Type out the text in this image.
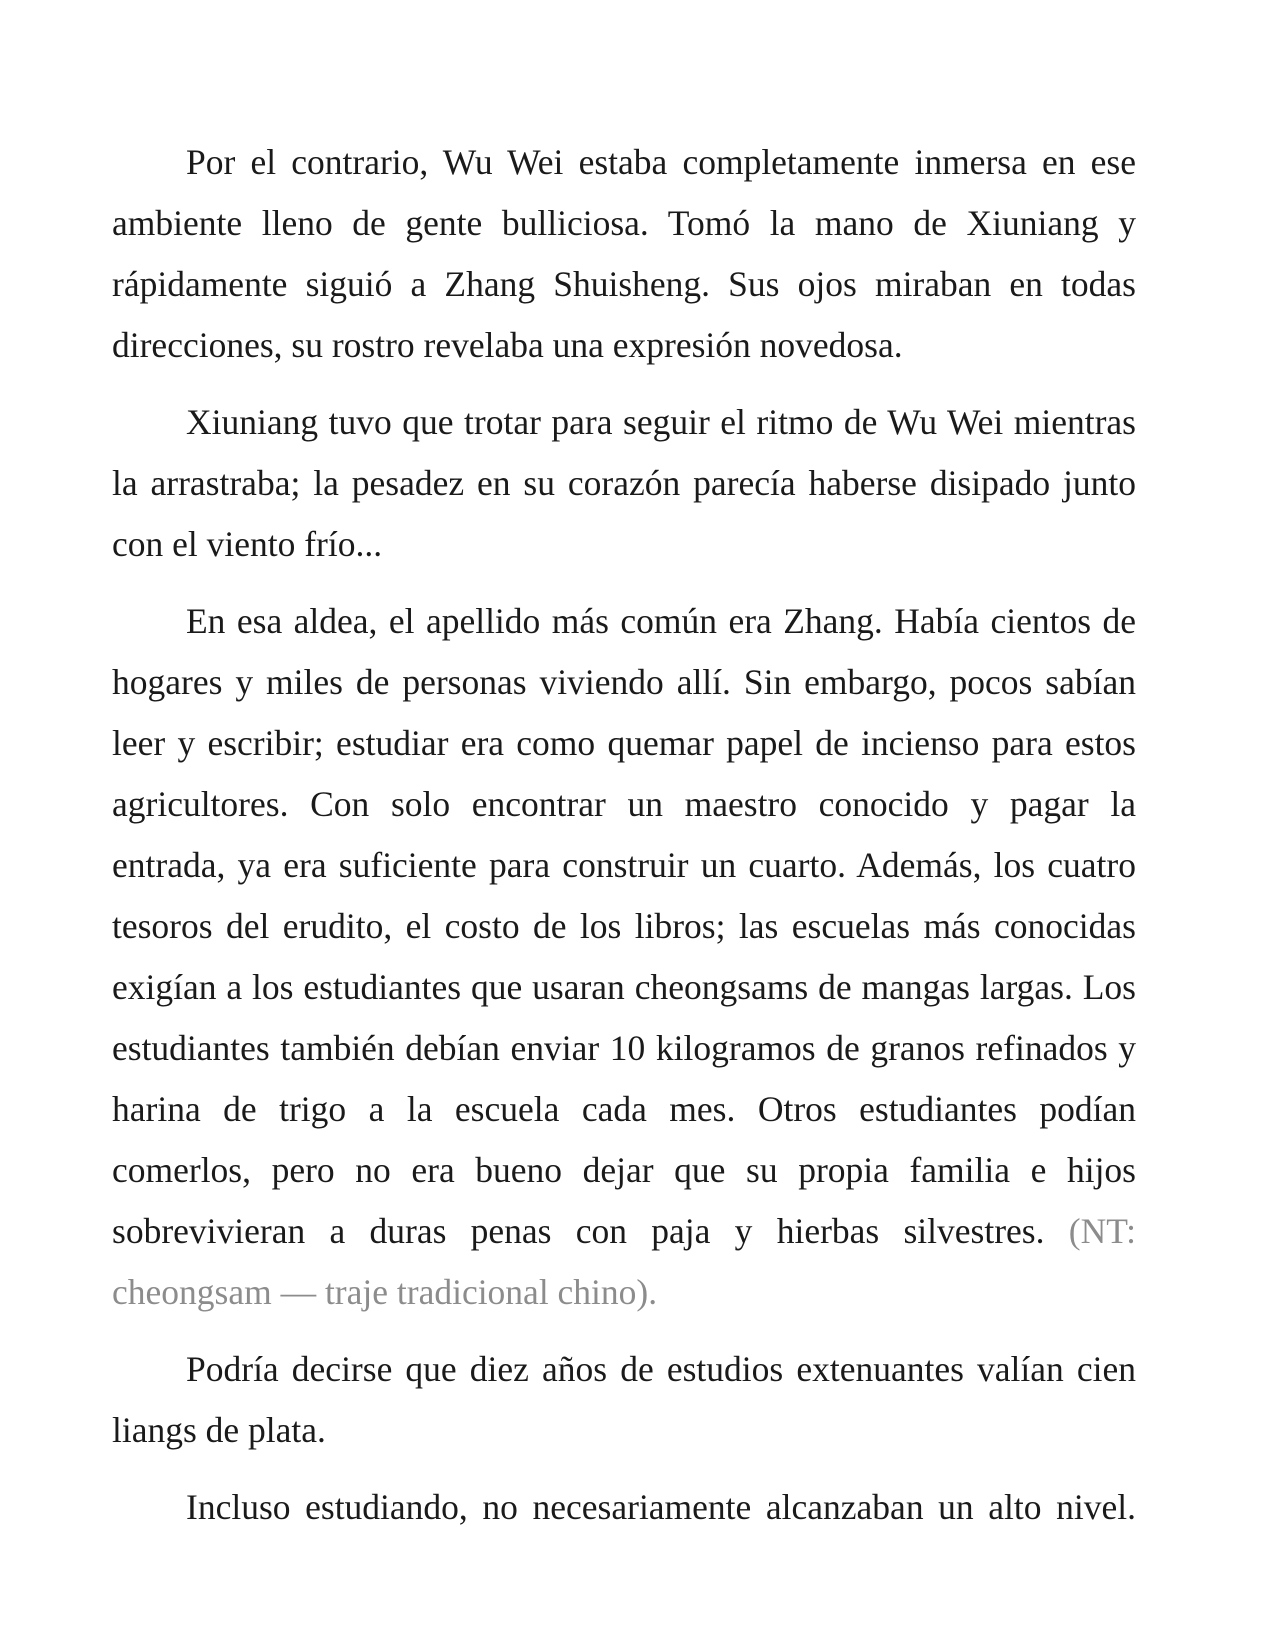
Por el contrario, Wu Wei estaba completamente inmersa en ese ambiente lleno de gente bulliciosa. Tomó la mano de Xiuniang y rápidamente siguió a Zhang Shuisheng. Sus ojos miraban en todas direcciones, su rostro revelaba una expresión novedosa.

Xiuniang tuvo que trotar para seguir el ritmo de Wu Wei mientras la arrastraba; la pesadez en su corazón parecía haberse disipado junto con el viento frío...

En esa aldea, el apellido más común era Zhang. Había cientos de hogares y miles de personas viviendo allí. Sin embargo, pocos sabían leer y escribir; estudiar era como quemar papel de incienso para estos agricultores. Con solo encontrar un maestro conocido y pagar la entrada, ya era suficiente para construir un cuarto. Además, los cuatro tesoros del erudito, el costo de los libros; las escuelas más conocidas exigían a los estudiantes que usaran cheongsams de mangas largas. Los estudiantes también debían enviar 10 kilogramos de granos refinados y harina de trigo a la escuela cada mes. Otros estudiantes podían comerlos, pero no era bueno dejar que su propia familia e hijos sobrevivieran a duras penas con paja y hierbas silvestres. (NT: cheongsam — traje tradicional chino).

Podría decirse que diez años de estudios extenuantes valían cien liangs de plata.

Incluso estudiando, no necesariamente alcanzaban un alto nivel.
